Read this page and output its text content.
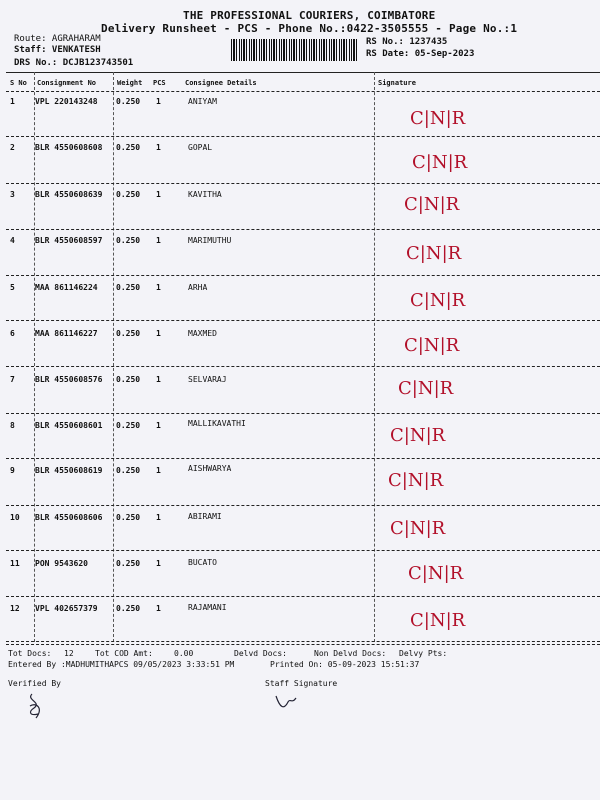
THE PROFESSIONAL COURIERS, COIMBATORE
Delivery Runsheet - PCS - Phone No.:0422-3505555 - Page No.:1
Route: AGRAHARAM
Staff: VENKATESH
DRS No.: DCJB123743501
RS No.: 1237435
RS Date: 05-Sep-2023
S No Consignment No	Weight PCS	Consignee Details	Signature
1	VPL 220143248 0.250 1	ANIYAM
C|N|R
2	BLR 4550608608 0.250 1	GOPAL
C|N|R
3	BLR 4550608639 0.250 1	KAVITHA	C|N|R
4	BLR 4550608597 0.250 1	MARIMUTHU
C|N|R
5	MAA 861146224 0.250 1	ARHA
C|N|R
6	MAA 861146227 0.250 1	MAXMED
C|N|R
7	BLR 4550608576 0.250 1	SELVARAJ	C|N|R
8	BLR 4550608601 0.250 1	MALLIKAVATHI
C|N|R
9	BLR 4550608619 0.250 1	AISHWARYA
C|N|R
10 BLR 4550608606 0.250 1	ABIRAMI
C|N|R
11 PON 9543620	0.250 1	BUCATO
C|N|R
12 VPL 402657379 0.250 1	RAJAMANI
C|N|R
Tot Docs: 12	Tot COD Amt:	0.00	Delvd Docs:	Non Delvd Docs: Delvy Pts:
Entered By :MADHUMITHAPCS 09/05/2023 3:33:51 PM	Printed On: 05-09-2023 15:51:37
Verified By	Staff Signature
